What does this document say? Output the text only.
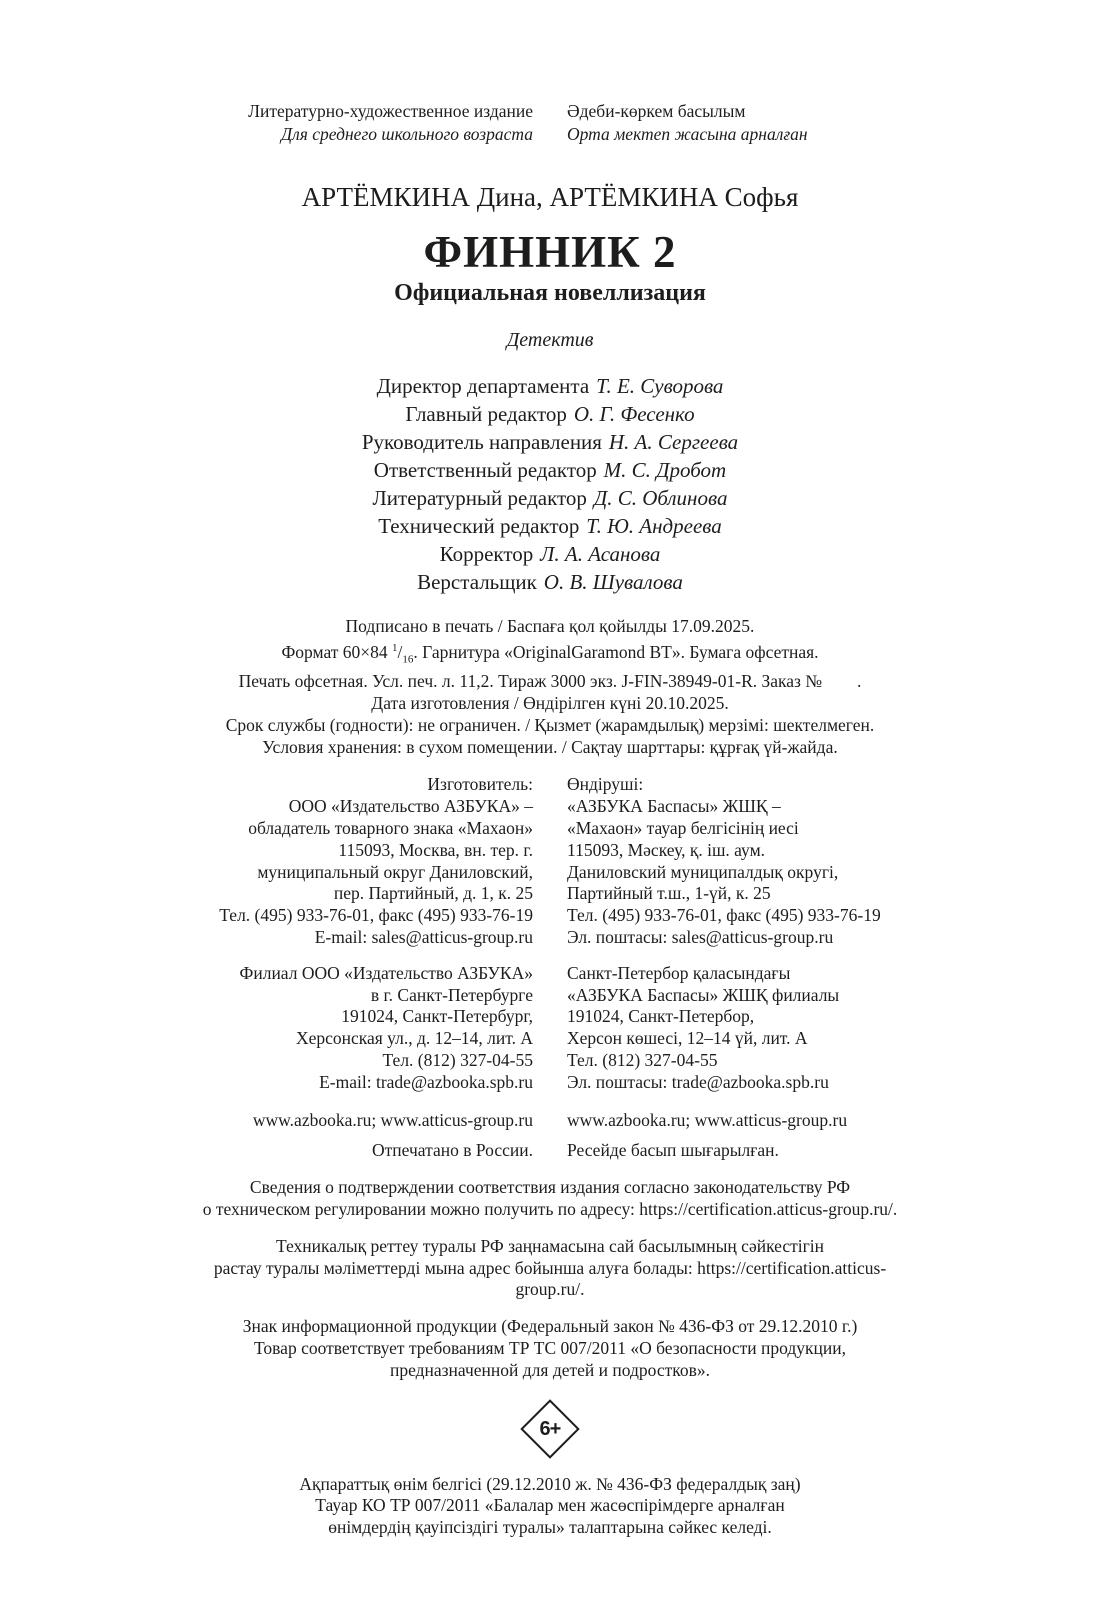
Литературно-художественное издание
Для среднего школьного возраста
Әдеби-көркем басылым
Орта мектеп жасына арналған
АРТЁМКИНА Дина, АРТЁМКИНА Софья
ФИННИК 2
Официальная новеллизация
Детектив
Директор департамента Т. Е. Суворова
Главный редактор О. Г. Фесенко
Руководитель направления Н. А. Сергеева
Ответственный редактор М. С. Дробот
Литературный редактор Д. С. Облинова
Технический редактор Т. Ю. Андреева
Корректор Л. А. Асанова
Верстальщик О. В. Шувалова
Подписано в печать / Баспаға қол қойылды 17.09.2025.
Формат 60×84 $^1/_{16}$. Гарнитура «OriginalGaramond BT». Бумага офсетная.
Печать офсетная. Усл. печ. л. 11,2. Тираж 3000 экз. J-FIN-38949-01-R. Заказ №        .
Дата изготовления / Өндірілген күні 20.10.2025.
Срок службы (годности): не ограничен. / Қызмет (жарамдылық) мерзімі: шектелмеген.
Условия хранения: в сухом помещении. / Сақтау шарттары: құрғақ үй-жайда.
Изготовитель:
ООО «Издательство АЗБУКА» –
обладатель товарного знака «Махаон»
115093, Москва, вн. тер. г.
муниципальный округ Даниловский,
пер. Партийный, д. 1, к. 25
Тел. (495) 933-76-01, факс (495) 933-76-19
E-mail: sales@atticus-group.ru
Өндіруші:
«АЗБУКА Баспасы» ЖШҚ –
«Махаон» тауар белгісінің иесі
115093, Мәскеу, қ. іш. аум.
Даниловский муниципалдық округі,
Партийный т.ш., 1-үй, к. 25
Тел. (495) 933-76-01, факс (495) 933-76-19
Эл. поштасы: sales@atticus-group.ru
Филиал ООО «Издательство АЗБУКА»
в г. Санкт-Петербурге
191024, Санкт-Петербург,
Херсонская ул., д. 12–14, лит. А
Тел. (812) 327-04-55
E-mail: trade@azbooka.spb.ru
Санкт-Петербор қаласындағы
«АЗБУКА Баспасы» ЖШҚ филиалы
191024, Санкт-Петербор,
Херсон көшесі, 12–14 үй, лит. А
Тел. (812) 327-04-55
Эл. поштасы: trade@azbooka.spb.ru
www.azbooka.ru; www.atticus-group.ru www.azbooka.ru; www.atticus-group.ru
Отпечатано в России. Ресейде басып шығарылған.
Сведения о подтверждении соответствия издания согласно законодательству РФ
о техническом регулировании можно получить по адресу: https://certification.atticus-group.ru/.
Техникалық реттеу туралы РФ заңнамасына сай басылымның сәйкестігін
растау туралы мәліметтерді мына адрес бойынша алуға болады: https://certification.atticus-group.ru/.
Знак информационной продукции (Федеральный закон № 436-ФЗ от 29.12.2010 г.)
Товар соответствует требованиям ТР ТС 007/2011 «О безопасности продукции,
предназначенной для детей и подростков».
6+
Ақпараттық өнім белгісі (29.12.2010 ж. № 436-ФЗ федералдық заң)
Тауар КО ТР 007/2011 «Балалар мен жасөспірімдерге арналған
өнімдердің қауіпсіздігі туралы» талаптарына сәйкес келеді.
